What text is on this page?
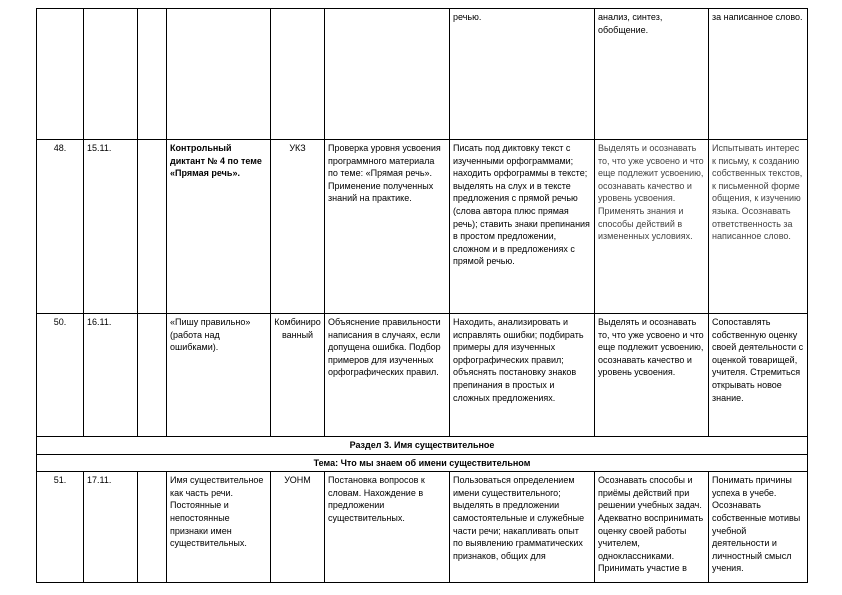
						речью.	анализ, синтез, обобщение.	за написанное слово.
48.	15.11.		Контрольный диктант № 4 по теме «Прямая речь».	УКЗ	Проверка уровня усвоения программного материала по теме: «Прямая речь». Применение полученных знаний на практике.	Писать под диктовку текст с изученными орфограммами; находить орфограммы в тексте; выделять на слух и в тексте предложения с прямой речью (слова автора плюс прямая речь); ставить знаки препинания в простом предложении, сложном и в предложениях с прямой речью.	Выделять и осознавать то, что уже усвоено и что еще подлежит усвоению, осознавать качество и уровень усвоения. Применять знания и способы действий в измененных условиях.	Испытывать интерес к письму, к созданию собственных текстов, к письменной форме общения, к изучению языка. Осознавать ответственность за написанное слово.
50.	16.11.		«Пишу правильно» (работа над ошибками).	Комбинированный	Объяснение правильности написания в случаях, если допущена ошибка. Подбор примеров для изученных орфографических правил.	Находить, анализировать и исправлять ошибки; подбирать примеры для изученных орфографических правил; объяснять постановку знаков препинания в простых и сложных предложениях.	Выделять и осознавать то, что уже усвоено и что еще подлежит усвоению, осознавать качество и уровень усвоения.	Сопоставлять собственную оценку своей деятельности с оценкой товарищей, учителя. Стремиться открывать новое знание.
Раздел 3. Имя существительное								
Тема: Что мы знаем об имени существительном								
51.	17.11.		Имя существительное как часть речи. Постоянные и непостоянные признаки имен существительных.	УОНМ	Постановка вопросов к словам. Нахождение в предложении существительных.	Пользоваться определением имени существительного; выделять в предложении самостоятельные и служебные части речи; накапливать опыт по выявлению грамматических признаков, общих для	Осознавать способы и приёмы действий при решении учебных задач. Адекватно воспринимать оценку своей работы учителем, одноклассниками. Принимать участие в	Понимать причины успеха в учебе. Осознавать собственные мотивы учебной деятельности и личностный смысл учения.
